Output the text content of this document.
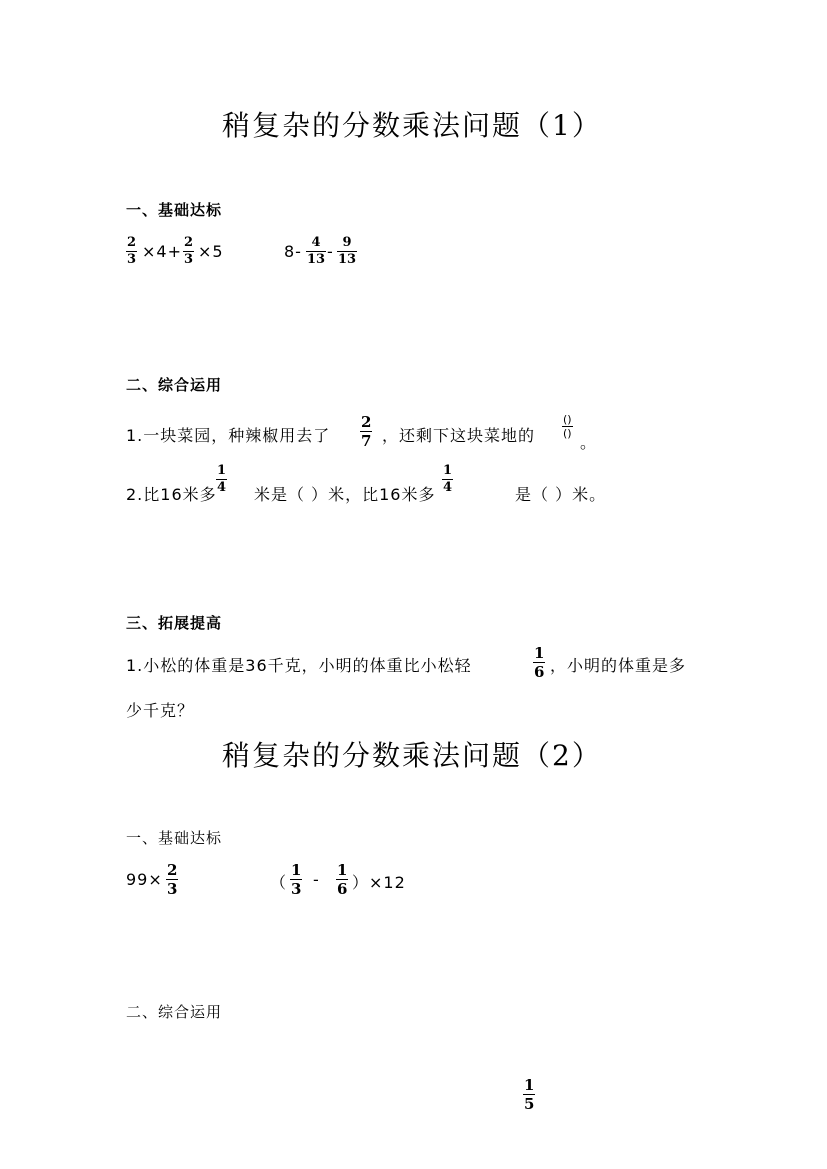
稍复杂的分数乘法问题（1）
一、基础达标
2
3 ×4+ 2
3 ×5	8- 4
13 - 9
13
二、综合运用
1.一块菜园，种辣椒用去了
2
7 ，还剩下这块菜地的
()
() 。
2.比16米多
1
4 米是（ ）米，比16米多
1
4	是（ ）米。
三、拓展提高
1.小松的体重是36千克，小明的体重比小松轻
1
6 ，小明的体重是多
少千克？
稍复杂的分数乘法问题（2）
一、基础达标
99× 2
3	（
1
3 - 1
6 ）×12
二、综合运用
1
5
